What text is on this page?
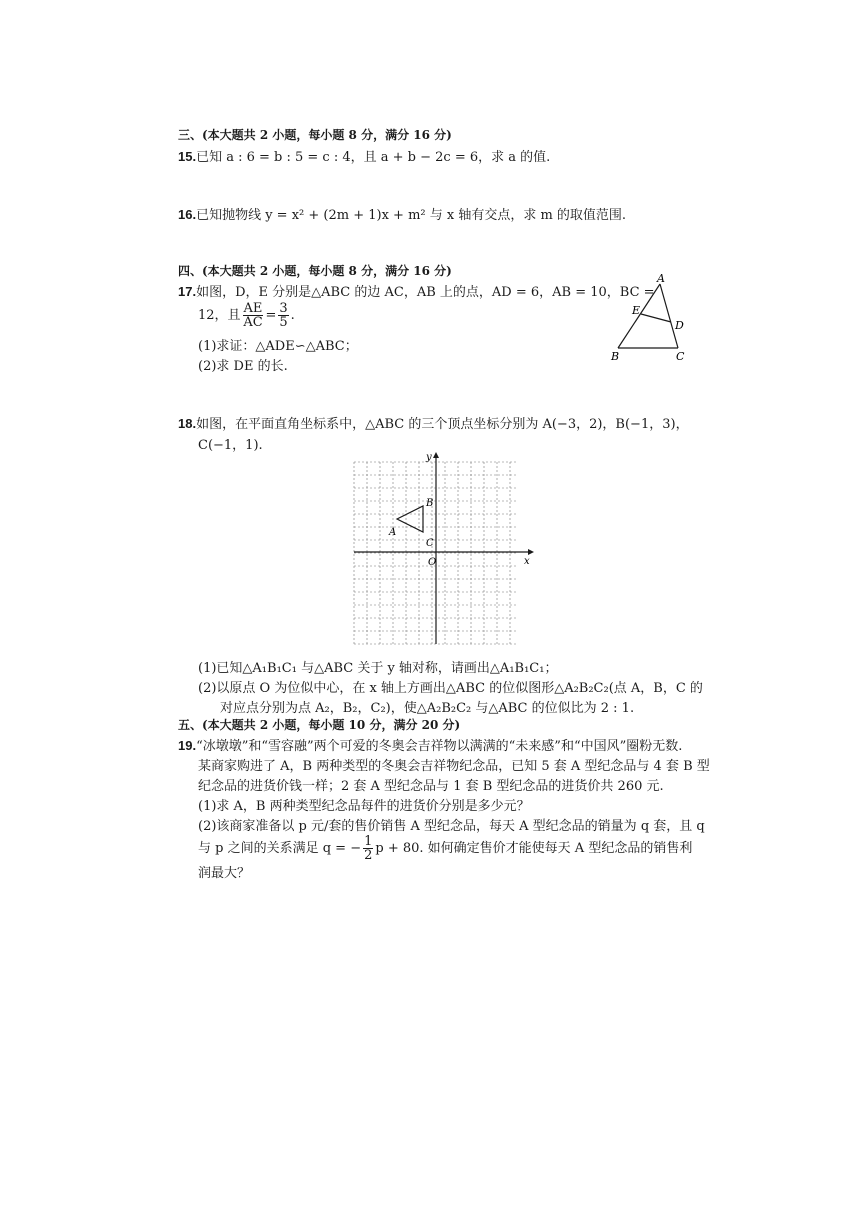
三、(本大题共 2 小题，每小题 8 分，满分 16 分)
15.已知 a : 6 = b : 5 = c : 4，且 a + b − 2c = 6，求 a 的值.
16.已知抛物线 y = x² + (2m + 1)x + m² 与 x 轴有交点，求 m 的取值范围.
四、(本大题共 2 小题，每小题 8 分，满分 16 分)
17.如图，D，E 分别是△ABC 的边 AC，AB 上的点，AD = 6，AB = 10，BC =
12，且 $\frac{AE}{AC} = \frac{3}{5}$ .
(1)求证：△ADE∽△ABC；
(2)求 DE 的长.
A
E
D
B	C
18.如图，在平面直角坐标系中，△ABC 的三个顶点坐标分别为 A(−3，2)，B(−1，3)，
C(−1，1).
x
y
O
A
B
C
(1)已知△A₁B₁C₁ 与△ABC 关于 y 轴对称，请画出△A₁B₁C₁；
(2)以原点 O 为位似中心，在 x 轴上方画出△ABC 的位似图形△A₂B₂C₂(点 A，B，C 的
对应点分别为点 A₂，B₂，C₂)，使△A₂B₂C₂ 与△ABC 的位似比为 2 : 1.
五、(本大题共 2 小题，每小题 10 分，满分 20 分)
19.“冰墩墩”和“雪容融”两个可爱的冬奥会吉祥物以满满的“未来感”和“中国风”圈粉无数.
某商家购进了 A，B 两种类型的冬奥会吉祥物纪念品，已知 5 套 A 型纪念品与 4 套 B 型
纪念品的进货价钱一样；2 套 A 型纪念品与 1 套 B 型纪念品的进货价共 260 元.
(1)求 A，B 两种类型纪念品每件的进货价分别是多少元？
(2)该商家准备以 p 元/套的售价销售 A 型纪念品，每天 A 型纪念品的销量为 q 套，且 q
与 p 之间的关系满足 q = − $\frac{1}{2}$ p + 80. 如何确定售价才能使每天 A 型纪念品的销售利
润最大？
